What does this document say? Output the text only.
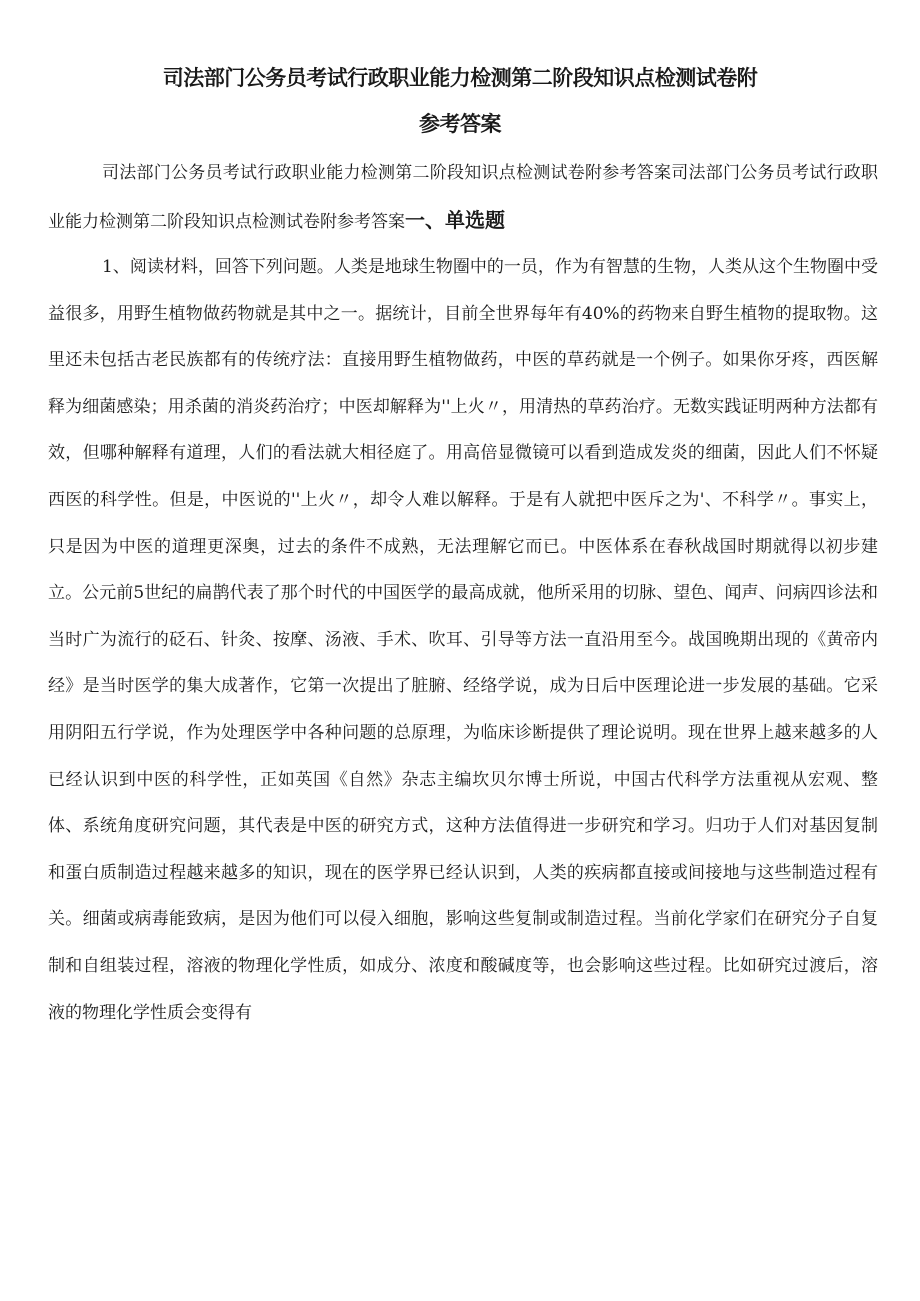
司法部门公务员考试行政职业能力检测第二阶段知识点检测试卷附
参考答案

司法部门公务员考试行政职业能力检测第二阶段知识点检测试卷附参考答案司法部门公务员考试行政职业能力检测第二阶段知识点检测试卷附参考答案一、单选题

1、阅读材料，回答下列问题。人类是地球生物圈中的一员，作为有智慧的生物，人类从这个生物圈中受益很多，用野生植物做药物就是其中之一。据统计，目前全世界每年有40%的药物来自野生植物的提取物。这里还未包括古老民族都有的传统疗法：直接用野生植物做药，中医的草药就是一个例子。如果你牙疼，西医解释为细菌感染；用杀菌的消炎药治疗；中医却解释为''上火〃，用清热的草药治疗。无数实践证明两种方法都有效，但哪种解释有道理，人们的看法就大相径庭了。用高倍显微镜可以看到造成发炎的细菌，因此人们不怀疑西医的科学性。但是，中医说的''上火〃，却令人难以解释。于是有人就把中医斥之为'、不科学〃。事实上，只是因为中医的道理更深奥，过去的条件不成熟，无法理解它而已。中医体系在春秋战国时期就得以初步建立。公元前5世纪的扁鹊代表了那个时代的中国医学的最高成就，他所采用的切脉、望色、闻声、问病四诊法和当时广为流行的砭石、针灸、按摩、汤液、手术、吹耳、引导等方法一直沿用至今。战国晚期出现的《黄帝内经》是当时医学的集大成著作，它第一次提出了脏腑、经络学说，成为日后中医理论进一步发展的基础。它采用阴阳五行学说，作为处理医学中各种问题的总原理，为临床诊断提供了理论说明。现在世界上越来越多的人已经认识到中医的科学性，正如英国《自然》杂志主编坎贝尔博士所说，中国古代科学方法重视从宏观、整体、系统角度研究问题，其代表是中医的研究方式，这种方法值得进一步研究和学习。归功于人们对基因复制和蛋白质制造过程越来越多的知识，现在的医学界已经认识到，人类的疾病都直接或间接地与这些制造过程有关。细菌或病毒能致病，是因为他们可以侵入细胞，影响这些复制或制造过程。当前化学家们在研究分子自复制和自组装过程，溶液的物理化学性质，如成分、浓度和酸碱度等，也会影响这些过程。比如研究过渡后，溶液的物理化学性质会变得有
